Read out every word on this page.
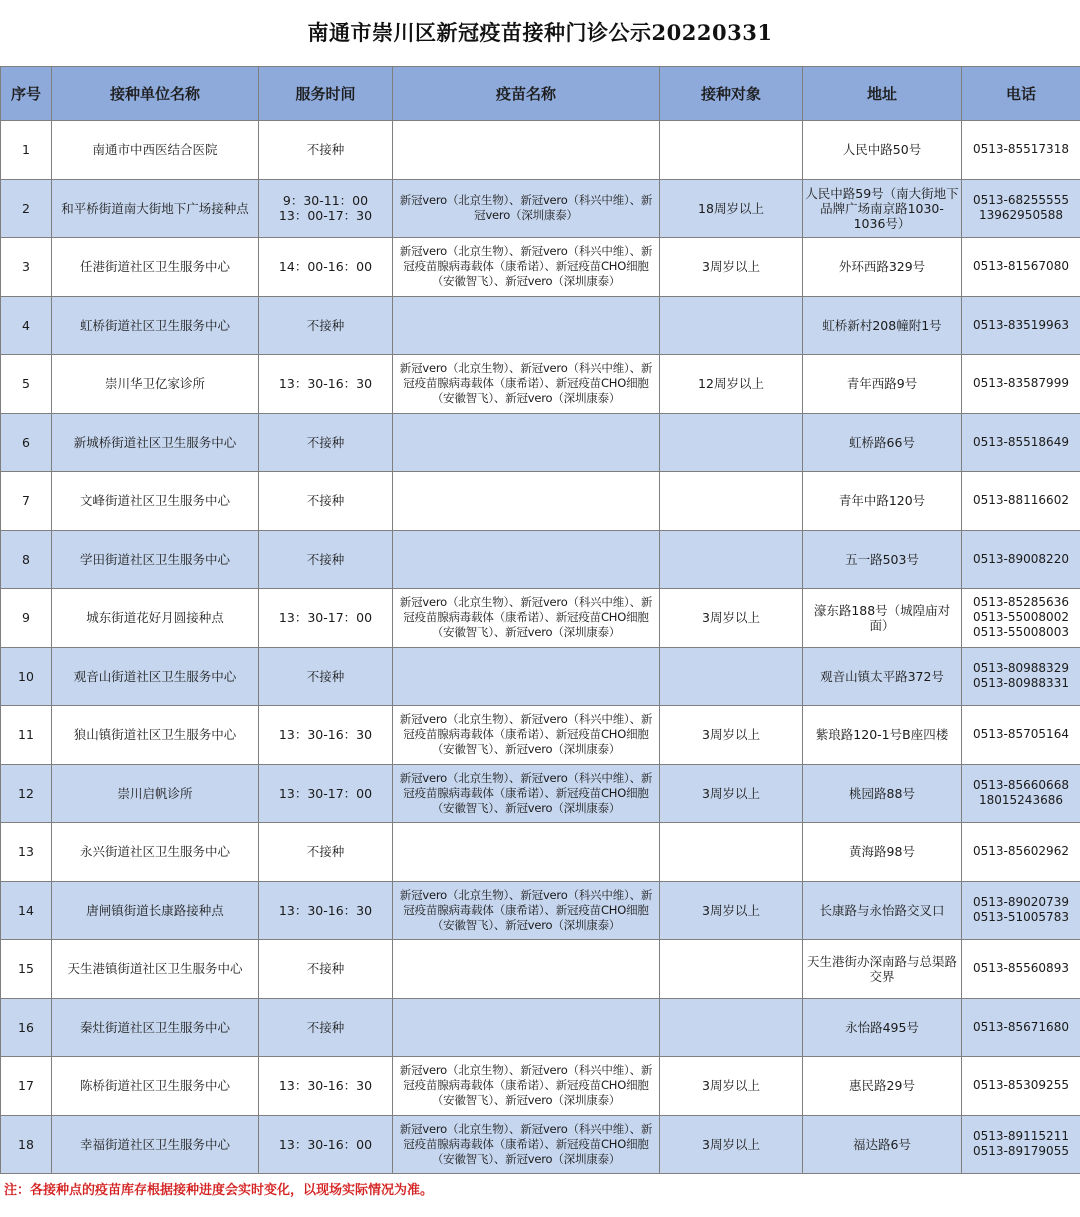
南通市崇川区新冠疫苗接种门诊公示20220331
序号	接种单位名称	服务时间	疫苗名称	接种对象	地址	电话
1	南通市中西医结合医院	不接种			人民中路50号	0513-85517318
2	和平桥街道南大街地下广场接种点	9：30-11：00
13：00-17：30	新冠vero（北京生物）、新冠vero（科兴中维）、新冠vero（深圳康泰）	18周岁以上	人民中路59号（南大街地下品牌广场南京路1030-1036号）	0513-68255555
13962950588
3	任港街道社区卫生服务中心	14：00-16：00	新冠vero（北京生物）、新冠vero（科兴中维）、新冠疫苗腺病毒载体（康希诺）、新冠疫苗CHO细胞（安徽智飞）、新冠vero（深圳康泰）	3周岁以上	外环西路329号	0513-81567080
4	虹桥街道社区卫生服务中心	不接种			虹桥新村208幢附1号	0513-83519963
5	崇川华卫亿家诊所	13：30-16：30	新冠vero（北京生物）、新冠vero（科兴中维）、新冠疫苗腺病毒载体（康希诺）、新冠疫苗CHO细胞（安徽智飞）、新冠vero（深圳康泰）	12周岁以上	青年西路9号	0513-83587999
6	新城桥街道社区卫生服务中心	不接种			虹桥路66号	0513-85518649
7	文峰街道社区卫生服务中心	不接种			青年中路120号	0513-88116602
8	学田街道社区卫生服务中心	不接种			五一路503号	0513-89008220
9	城东街道花好月圆接种点	13：30-17：00	新冠vero（北京生物）、新冠vero（科兴中维）、新冠疫苗腺病毒载体（康希诺）、新冠疫苗CHO细胞（安徽智飞）、新冠vero（深圳康泰）	3周岁以上	濠东路188号（城隍庙对面）	0513-85285636
0513-55008002
0513-55008003
10	观音山街道社区卫生服务中心	不接种			观音山镇太平路372号	0513-80988329
0513-80988331
11	狼山镇街道社区卫生服务中心	13：30-16：30	新冠vero（北京生物）、新冠vero（科兴中维）、新冠疫苗腺病毒载体（康希诺）、新冠疫苗CHO细胞（安徽智飞）、新冠vero（深圳康泰）	3周岁以上	紫琅路120-1号B座四楼	0513-85705164
12	崇川启帆诊所	13：30-17：00	新冠vero（北京生物）、新冠vero（科兴中维）、新冠疫苗腺病毒载体（康希诺）、新冠疫苗CHO细胞（安徽智飞）、新冠vero（深圳康泰）	3周岁以上	桃园路88号	0513-85660668
18015243686
13	永兴街道社区卫生服务中心	不接种			黄海路98号	0513-85602962
14	唐闸镇街道长康路接种点	13：30-16：30	新冠vero（北京生物）、新冠vero（科兴中维）、新冠疫苗腺病毒载体（康希诺）、新冠疫苗CHO细胞（安徽智飞）、新冠vero（深圳康泰）	3周岁以上	长康路与永怡路交叉口	0513-89020739
0513-51005783
15	天生港镇街道社区卫生服务中心	不接种			天生港街办深南路与总渠路交界	0513-85560893
16	秦灶街道社区卫生服务中心	不接种			永怡路495号	0513-85671680
17	陈桥街道社区卫生服务中心	13：30-16：30	新冠vero（北京生物）、新冠vero（科兴中维）、新冠疫苗腺病毒载体（康希诺）、新冠疫苗CHO细胞（安徽智飞）、新冠vero（深圳康泰）	3周岁以上	惠民路29号	0513-85309255
18	幸福街道社区卫生服务中心	13：30-16：00	新冠vero（北京生物）、新冠vero（科兴中维）、新冠疫苗腺病毒载体（康希诺）、新冠疫苗CHO细胞（安徽智飞）、新冠vero（深圳康泰）	3周岁以上	福达路6号	0513-89115211
0513-89179055
注：各接种点的疫苗库存根据接种进度会实时变化，以现场实际情况为准。
